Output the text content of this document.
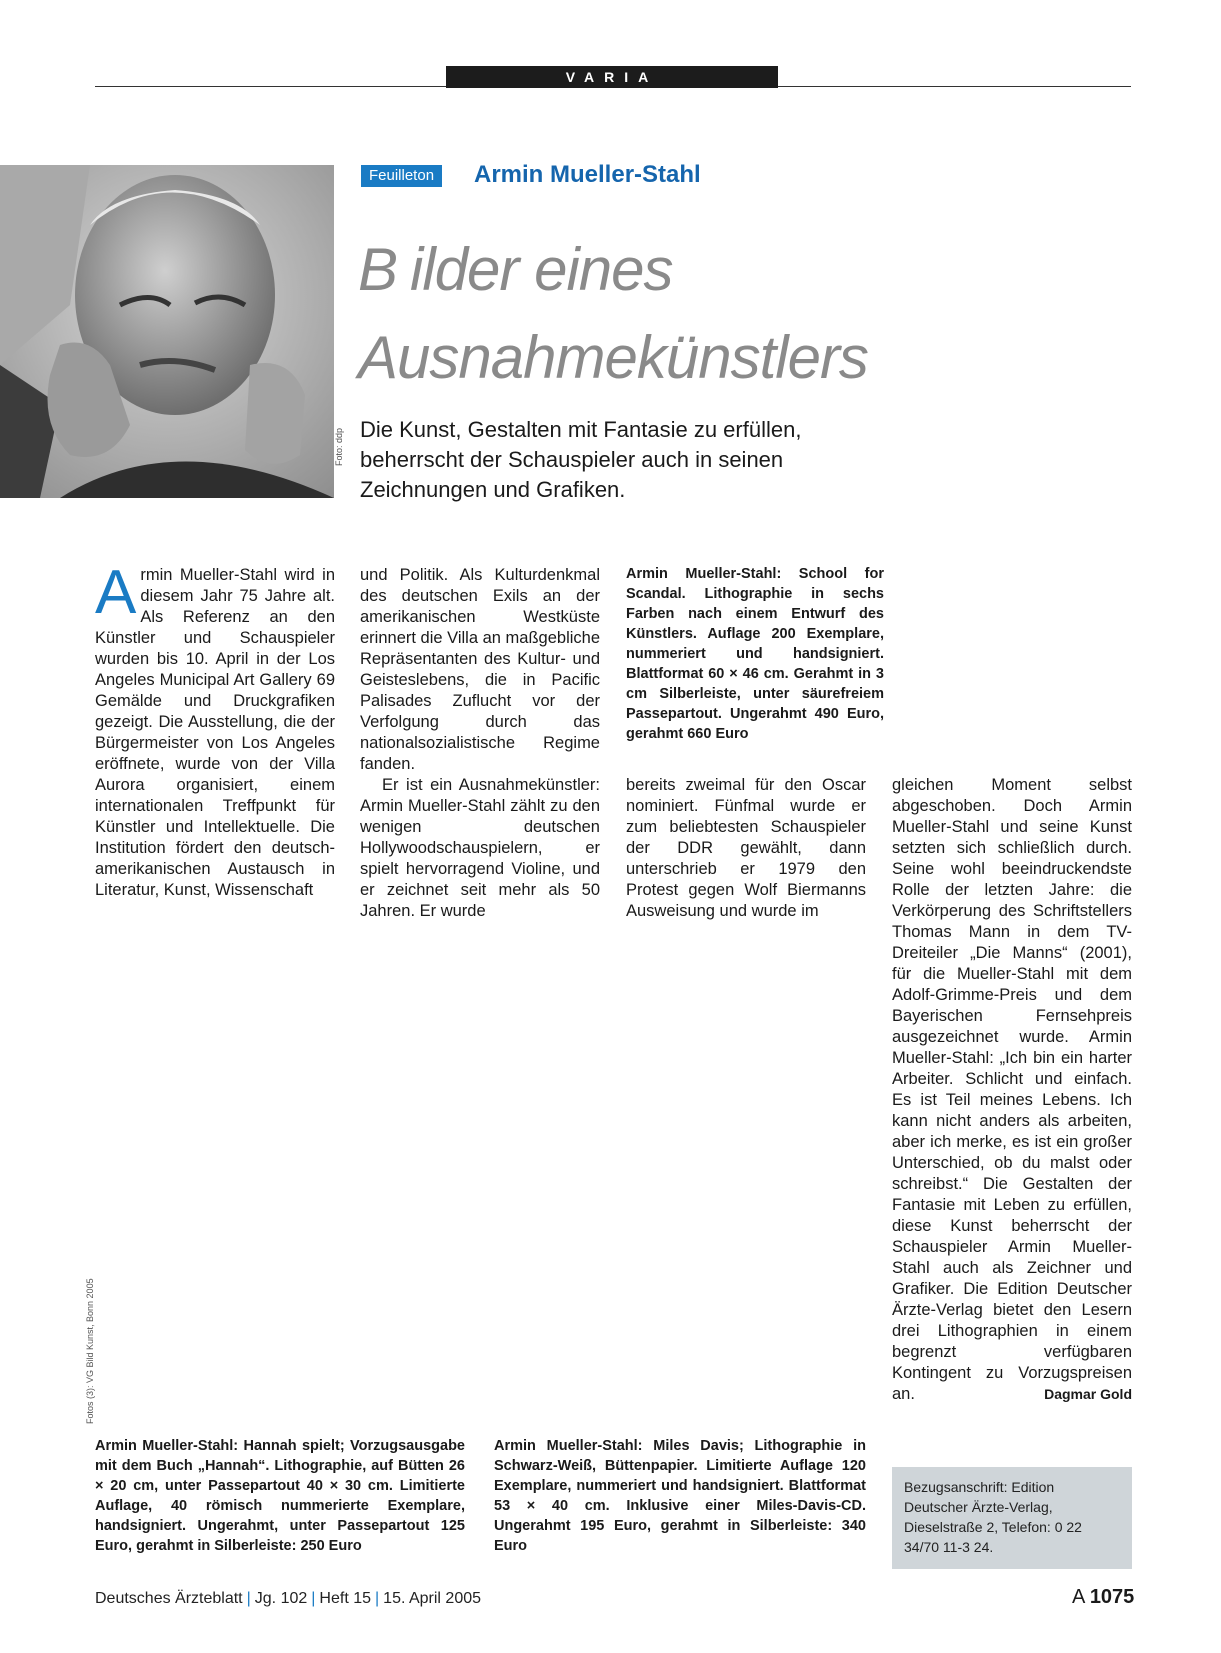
VARIA
Foto: ddp
Feuilleton	Armin Mueller-Stahl
Bilder eines
Ausnahmekünstlers
Die Kunst, Gestalten mit Fantasie zu erfüllen, beherrscht der Schauspieler auch in seinen Zeichnungen und Grafiken.
A rmin Mueller-Stahl wird in diesem Jahr 75 Jahre alt. Als Referenz an den Künstler und Schauspieler wurden bis 10. April in der Los Angeles Municipal Art Gallery 69 Gemälde und Druckgrafiken gezeigt. Die Ausstellung, die der Bürgermeister von Los Angeles eröffnete, wurde von der Villa Aurora organisiert, einem internationalen Treffpunkt für Künstler und Intellektuelle. Die Institution fördert den deutsch-amerikanischen Austausch in Literatur, Kunst, Wissenschaft

und Politik. Als Kulturdenkmal des deutschen Exils an der amerikanischen Westküste erinnert die Villa an maßgebliche Repräsentanten des Kultur- und Geisteslebens, die in Pacific Palisades Zuflucht vor der Verfolgung durch das nationalsozialistische Regime fanden.

Er ist ein Ausnahmekünstler: Armin Mueller-Stahl zählt zu den wenigen deutschen Hollywoodschauspielern, er spielt hervorragend Violine, und er zeichnet seit mehr als 50 Jahren. Er wurde

Armin Mueller-Stahl: School for Scandal. Lithographie in sechs Farben nach einem Entwurf des Künstlers. Auflage 200 Exemplare, nummeriert und handsigniert. Blattformat 60 × 46 cm. Gerahmt in 3 cm Silberleiste, unter säurefreiem Passepartout. Ungerahmt 490 Euro, gerahmt 660 Euro

bereits zweimal für den Oscar nominiert. Fünfmal wurde er zum beliebtesten Schauspieler der DDR gewählt, dann unterschrieb er 1979 den Protest gegen Wolf Biermanns Ausweisung und wurde im

gleichen Moment selbst abgeschoben. Doch Armin Mueller-Stahl und seine Kunst setzten sich schließlich durch. Seine wohl beeindruckendste Rolle der letzten Jahre: die Verkörperung des Schriftstellers Thomas Mann in dem TV-Dreiteiler „Die Manns“ (2001), für die Mueller-Stahl mit dem Adolf-Grimme-Preis und dem Bayerischen Fernsehpreis ausgezeichnet wurde. Armin Mueller-Stahl: „Ich bin ein harter Arbeiter. Schlicht und einfach. Es ist Teil meines Lebens. Ich kann nicht anders als arbeiten, aber ich merke, es ist ein großer Unterschied, ob du malst oder schreibst.“ Die Gestalten der Fantasie mit Leben zu erfüllen, diese Kunst beherrscht der Schauspieler Armin Mueller-Stahl auch als Zeichner und Grafiker. Die Edition Deutscher Ärzte-Verlag bietet den Lesern drei Lithographien in einem begrenzt verfügbaren Kontingent zu Vorzugspreisen an.	Dagmar Gold
Bezugsanschrift: Edition Deutscher Ärzte-Verlag, Dieselstraße 2, Telefon: 0 22 34/70 11-3 24.
Fotos (3): VG Bild Kunst, Bonn 2005
Armin Mueller-Stahl: Hannah spielt; Vorzugsausgabe mit dem Buch „Hannah“. Lithographie, auf Bütten 26 × 20 cm, unter Passepartout 40 × 30 cm. Limitierte Auflage, 40 römisch nummerierte Exemplare, handsigniert. Ungerahmt, unter Passepartout 125 Euro, gerahmt in Silberleiste: 250 Euro
Armin Mueller-Stahl: Miles Davis; Lithographie in Schwarz-Weiß, Büttenpapier. Limitierte Auflage 120 Exemplare, nummeriert und handsigniert. Blattformat 53 × 40 cm. Inklusive einer Miles-Davis-CD. Ungerahmt 195 Euro, gerahmt in Silberleiste: 340 Euro
Deutsches Ärzteblatt | Jg. 102 | Heft 15 | 15. April 2005	A 1075
